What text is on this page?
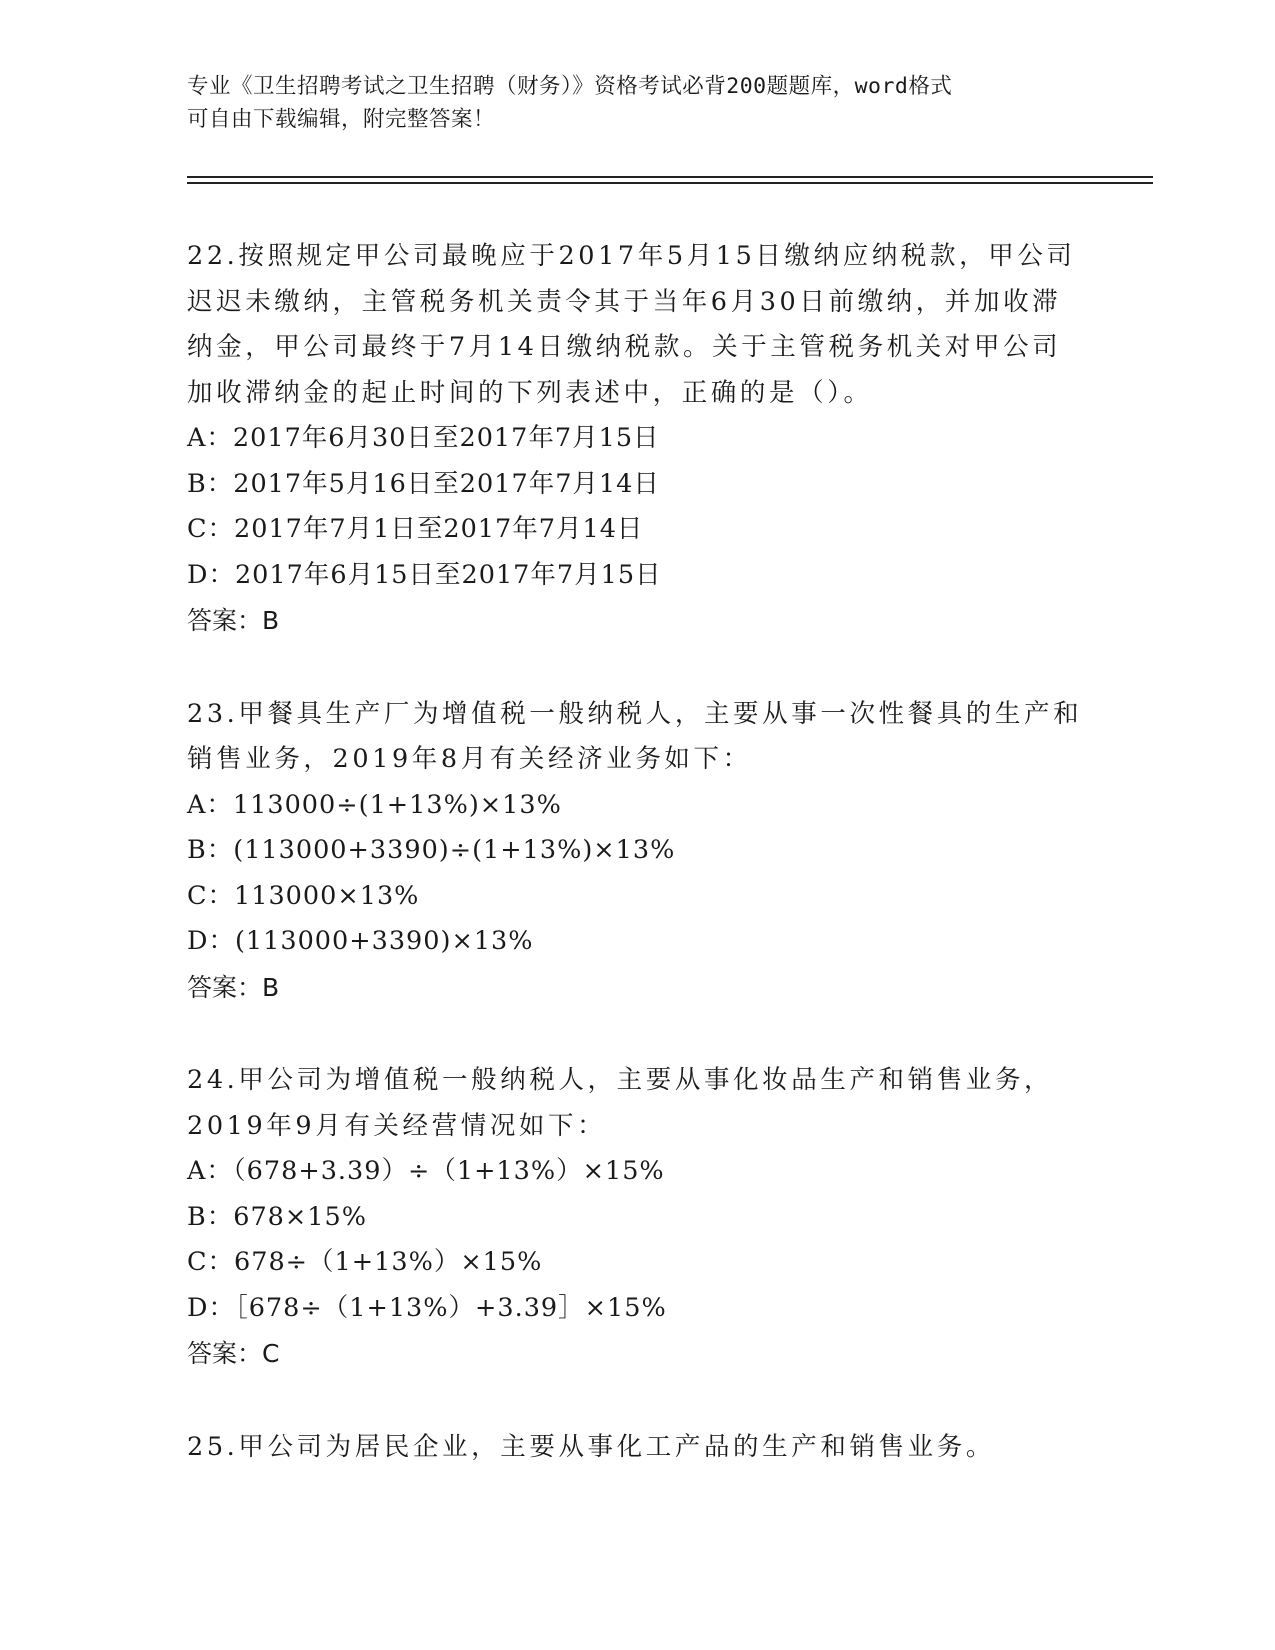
专业《卫生招聘考试之卫生招聘（财务）》资格考试必背200题题库，word格式
可自由下载编辑，附完整答案！

22.按照规定甲公司最晚应于2017年5月15日缴纳应纳税款，甲公司

迟迟未缴纳，主管税务机关责令其于当年6月30日前缴纳，并加收滞

纳金，甲公司最终于7月14日缴纳税款。关于主管税务机关对甲公司

加收滞纳金的起止时间的下列表述中，正确的是（）。

A：2017年6月30日至2017年7月15日

B：2017年5月16日至2017年7月14日

C：2017年7月1日至2017年7月14日

D：2017年6月15日至2017年7月15日

答案：B

23.甲餐具生产厂为增值税一般纳税人，主要从事一次性餐具的生产和

销售业务，2019年8月有关经济业务如下：

A：113000÷(1+13%)×13%

B：(113000+3390)÷(1+13%)×13%

C：113000×13%

D：(113000+3390)×13%

答案：B

24.甲公司为增值税一般纳税人，主要从事化妆品生产和销售业务，

2019年9月有关经营情况如下：

A：（678+3.39）÷（1+13%）×15%

B：678×15%

C：678÷（1+13%）×15%

D：［678÷（1+13%）+3.39］×15%

答案：C

25.甲公司为居民企业，主要从事化工产品的生产和销售业务。
